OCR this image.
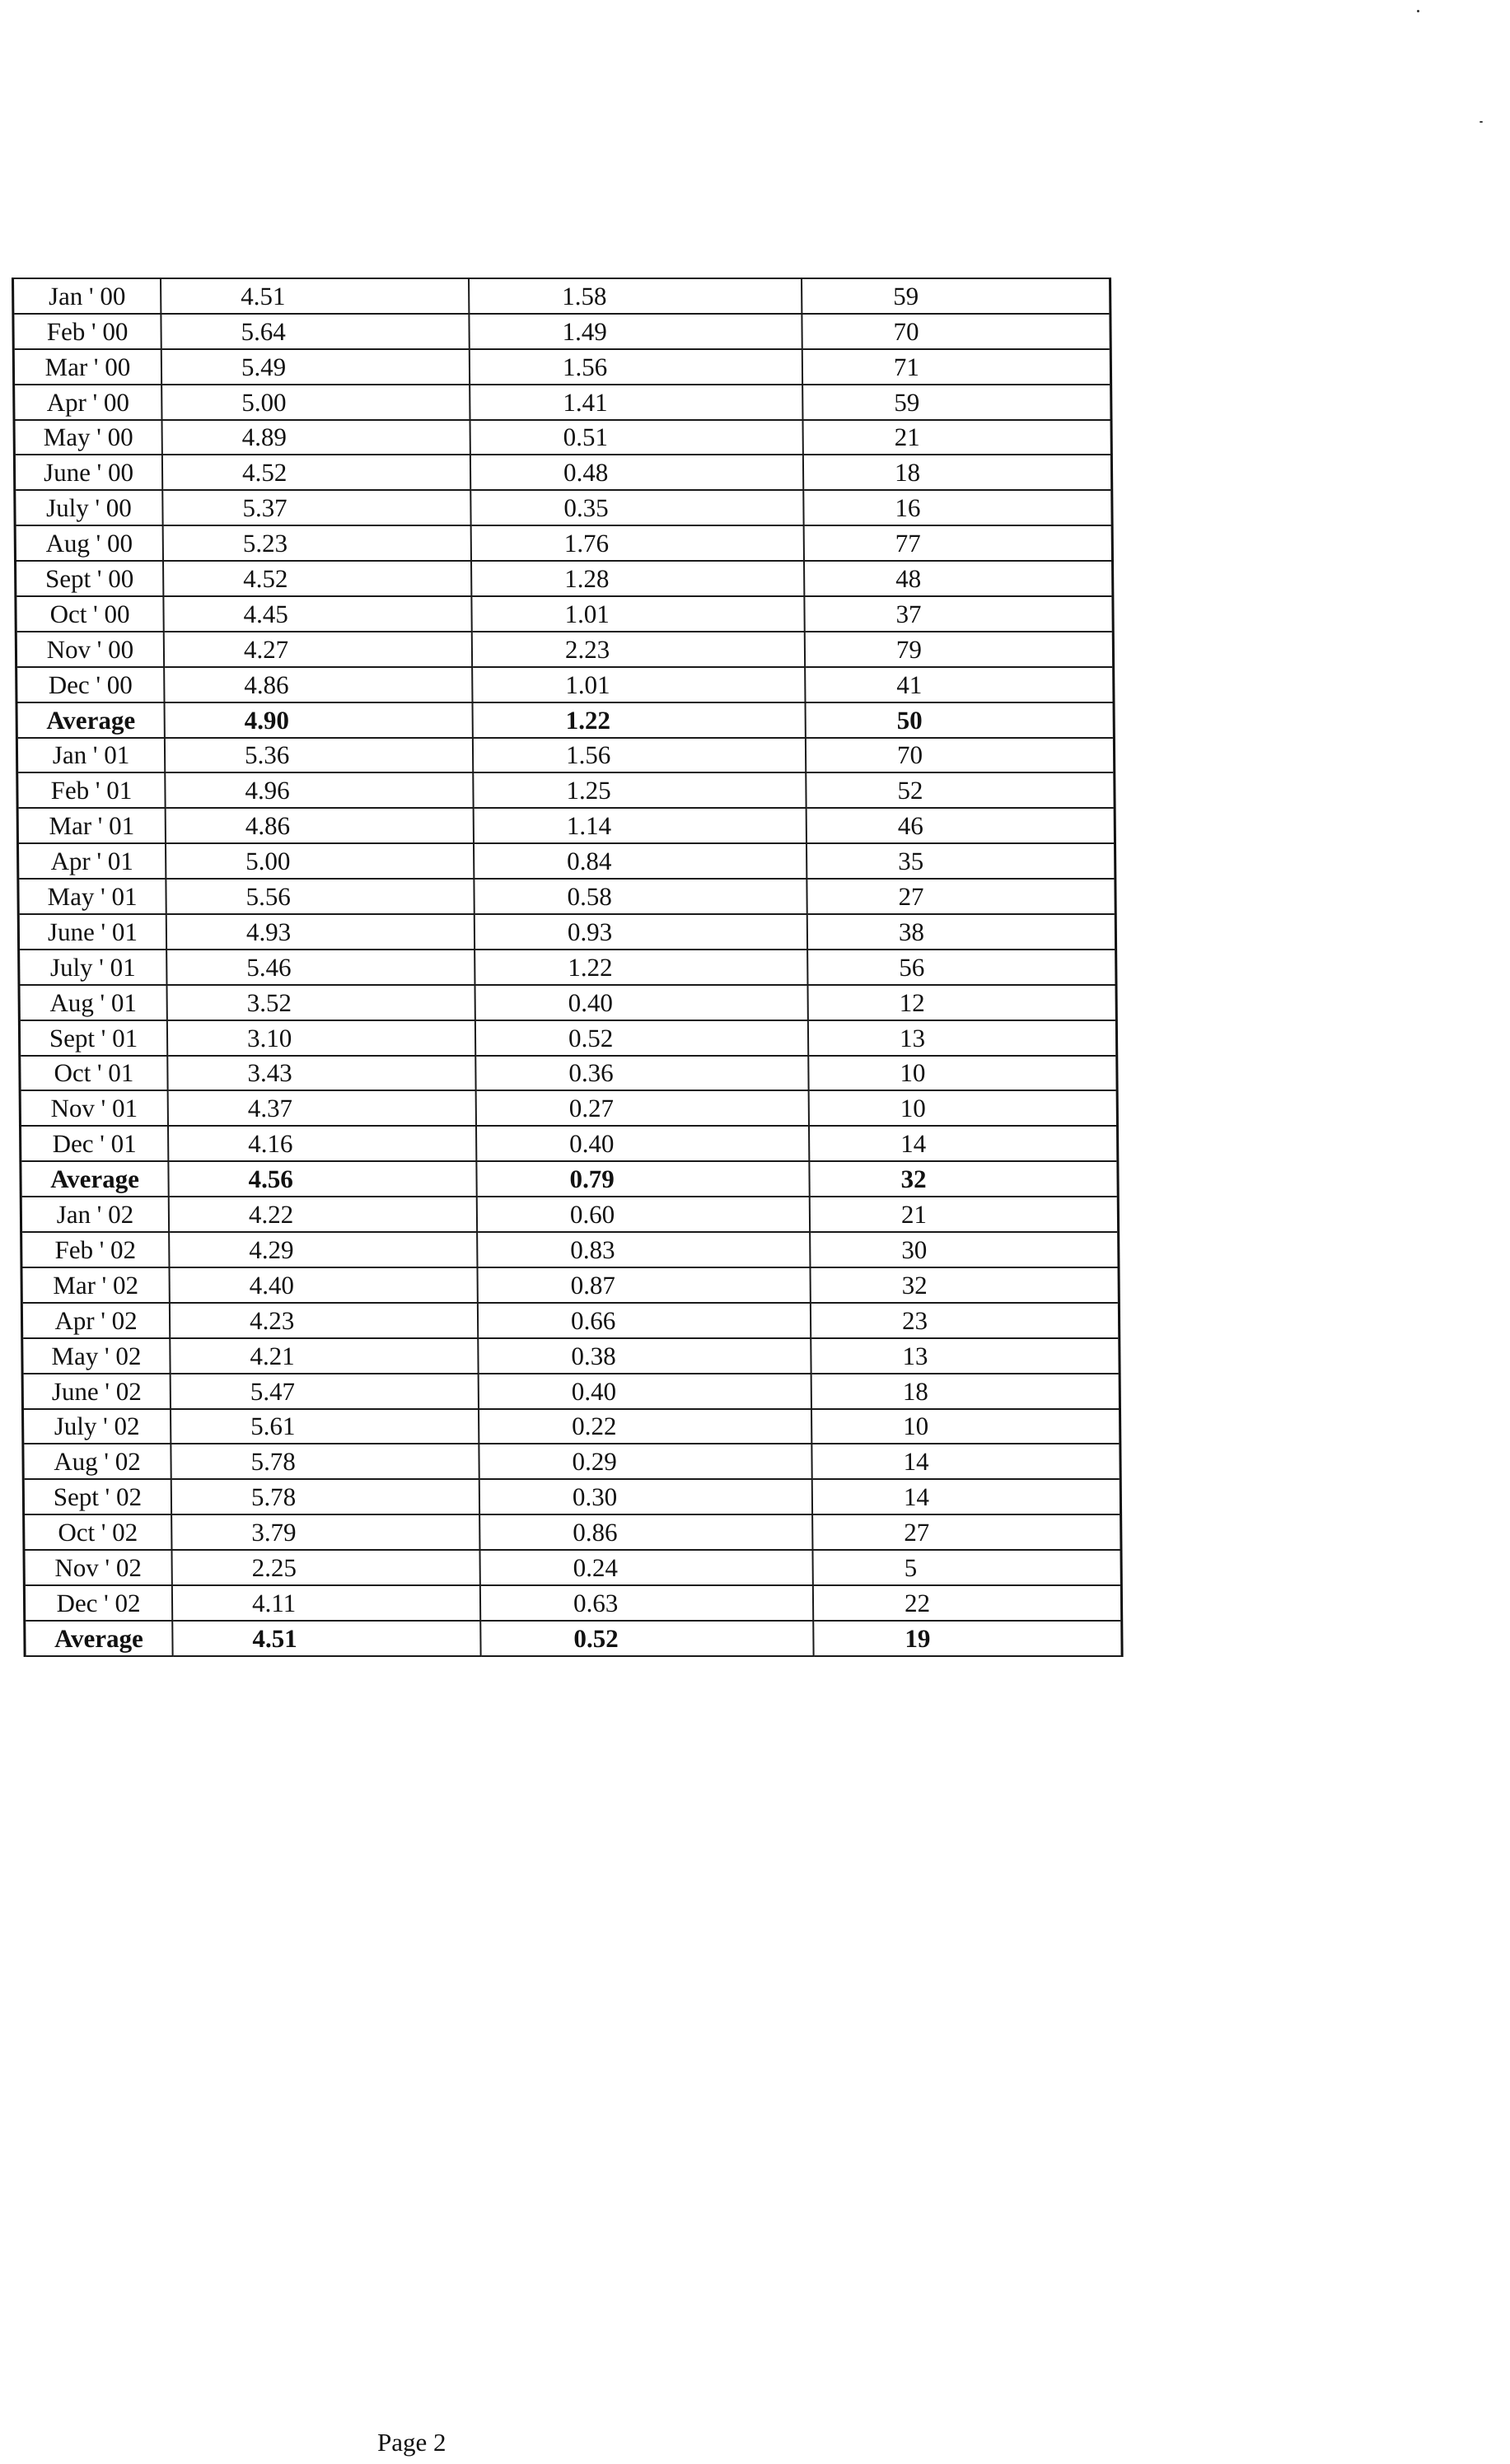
Jan ' 00	4.51	1.58	59
Feb ' 00	5.64	1.49	70
Mar ' 00	5.49	1.56	71
Apr ' 00	5.00	1.41	59
May ' 00	4.89	0.51	21
June ' 00	4.52	0.48	18
July ' 00	5.37	0.35	16
Aug ' 00	5.23	1.76	77
Sept ' 00	4.52	1.28	48
Oct ' 00	4.45	1.01	37
Nov ' 00	4.27	2.23	79
Dec ' 00	4.86	1.01	41
Average	4.90	1.22	50
Jan ' 01	5.36	1.56	70
Feb ' 01	4.96	1.25	52
Mar ' 01	4.86	1.14	46
Apr ' 01	5.00	0.84	35
May ' 01	5.56	0.58	27
June ' 01	4.93	0.93	38
July ' 01	5.46	1.22	56
Aug ' 01	3.52	0.40	12
Sept ' 01	3.10	0.52	13
Oct ' 01	3.43	0.36	10
Nov ' 01	4.37	0.27	10
Dec ' 01	4.16	0.40	14
Average	4.56	0.79	32
Jan ' 02	4.22	0.60	21
Feb ' 02	4.29	0.83	30
Mar ' 02	4.40	0.87	32
Apr ' 02	4.23	0.66	23
May ' 02	4.21	0.38	13
June ' 02	5.47	0.40	18
July ' 02	5.61	0.22	10
Aug ' 02	5.78	0.29	14
Sept ' 02	5.78	0.30	14
Oct ' 02	3.79	0.86	27
Nov ' 02	2.25	0.24	5
Dec ' 02	4.11	0.63	22
Average	4.51	0.52	19
Page 2
